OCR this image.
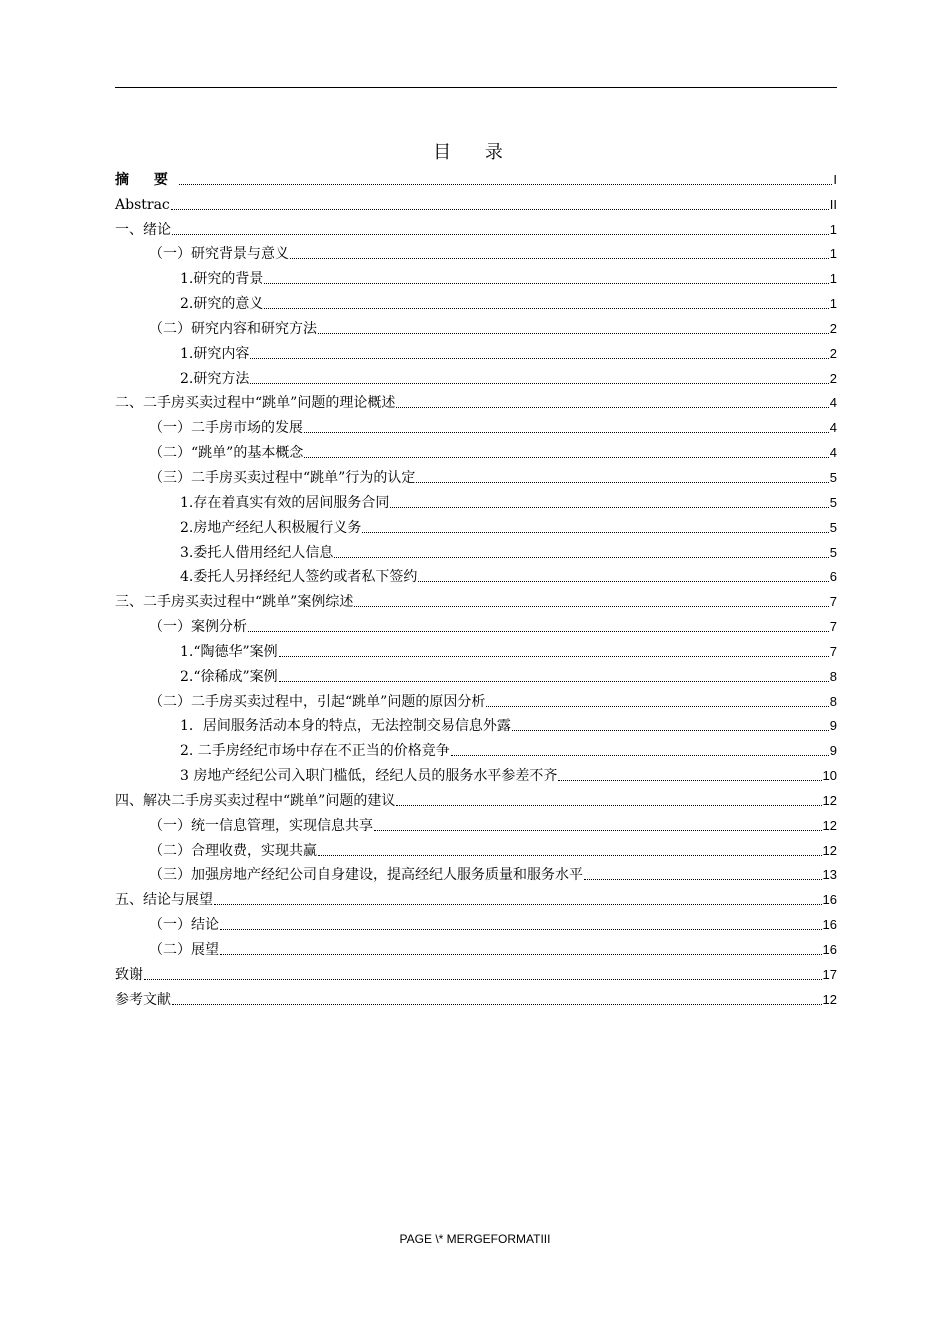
目 录
摘 要	I
Abstrac	II
一、绪论	1
（一）研究背景与意义	1
1.研究的背景	1
2.研究的意义	1
（二）研究内容和研究方法	2
1.研究内容	2
2.研究方法	2
二、二手房买卖过程中“跳单”问题的理论概述	4
（一）二手房市场的发展	4
（二）“跳单”的基本概念	4
（三）二手房买卖过程中“跳单”行为的认定	5
1.存在着真实有效的居间服务合同	5
2.房地产经纪人积极履行义务	5
3.委托人借用经纪人信息	5
4.委托人另择经纪人签约或者私下签约	6
三、二手房买卖过程中“跳单”案例综述	7
（一）案例分析	7
1.“陶德华”案例	7
2.“徐稀成”案例	8
（二）二手房买卖过程中，引起“跳单”问题的原因分析	8
1．居间服务活动本身的特点，无法控制交易信息外露	9
2. 二手房经纪市场中存在不正当的价格竞争	9
3 房地产经纪公司入职门槛低，经纪人员的服务水平参差不齐	10
四、解决二手房买卖过程中“跳单”问题的建议	12
（一）统一信息管理，实现信息共享	12
（二）合理收费，实现共赢	12
（三）加强房地产经纪公司自身建设，提高经纪人服务质量和服务水平	13
五、结论与展望	16
（一）结论	16
（二）展望	16
致谢	17
参考文献	12
PAGE \* MERGEFORMATIII
